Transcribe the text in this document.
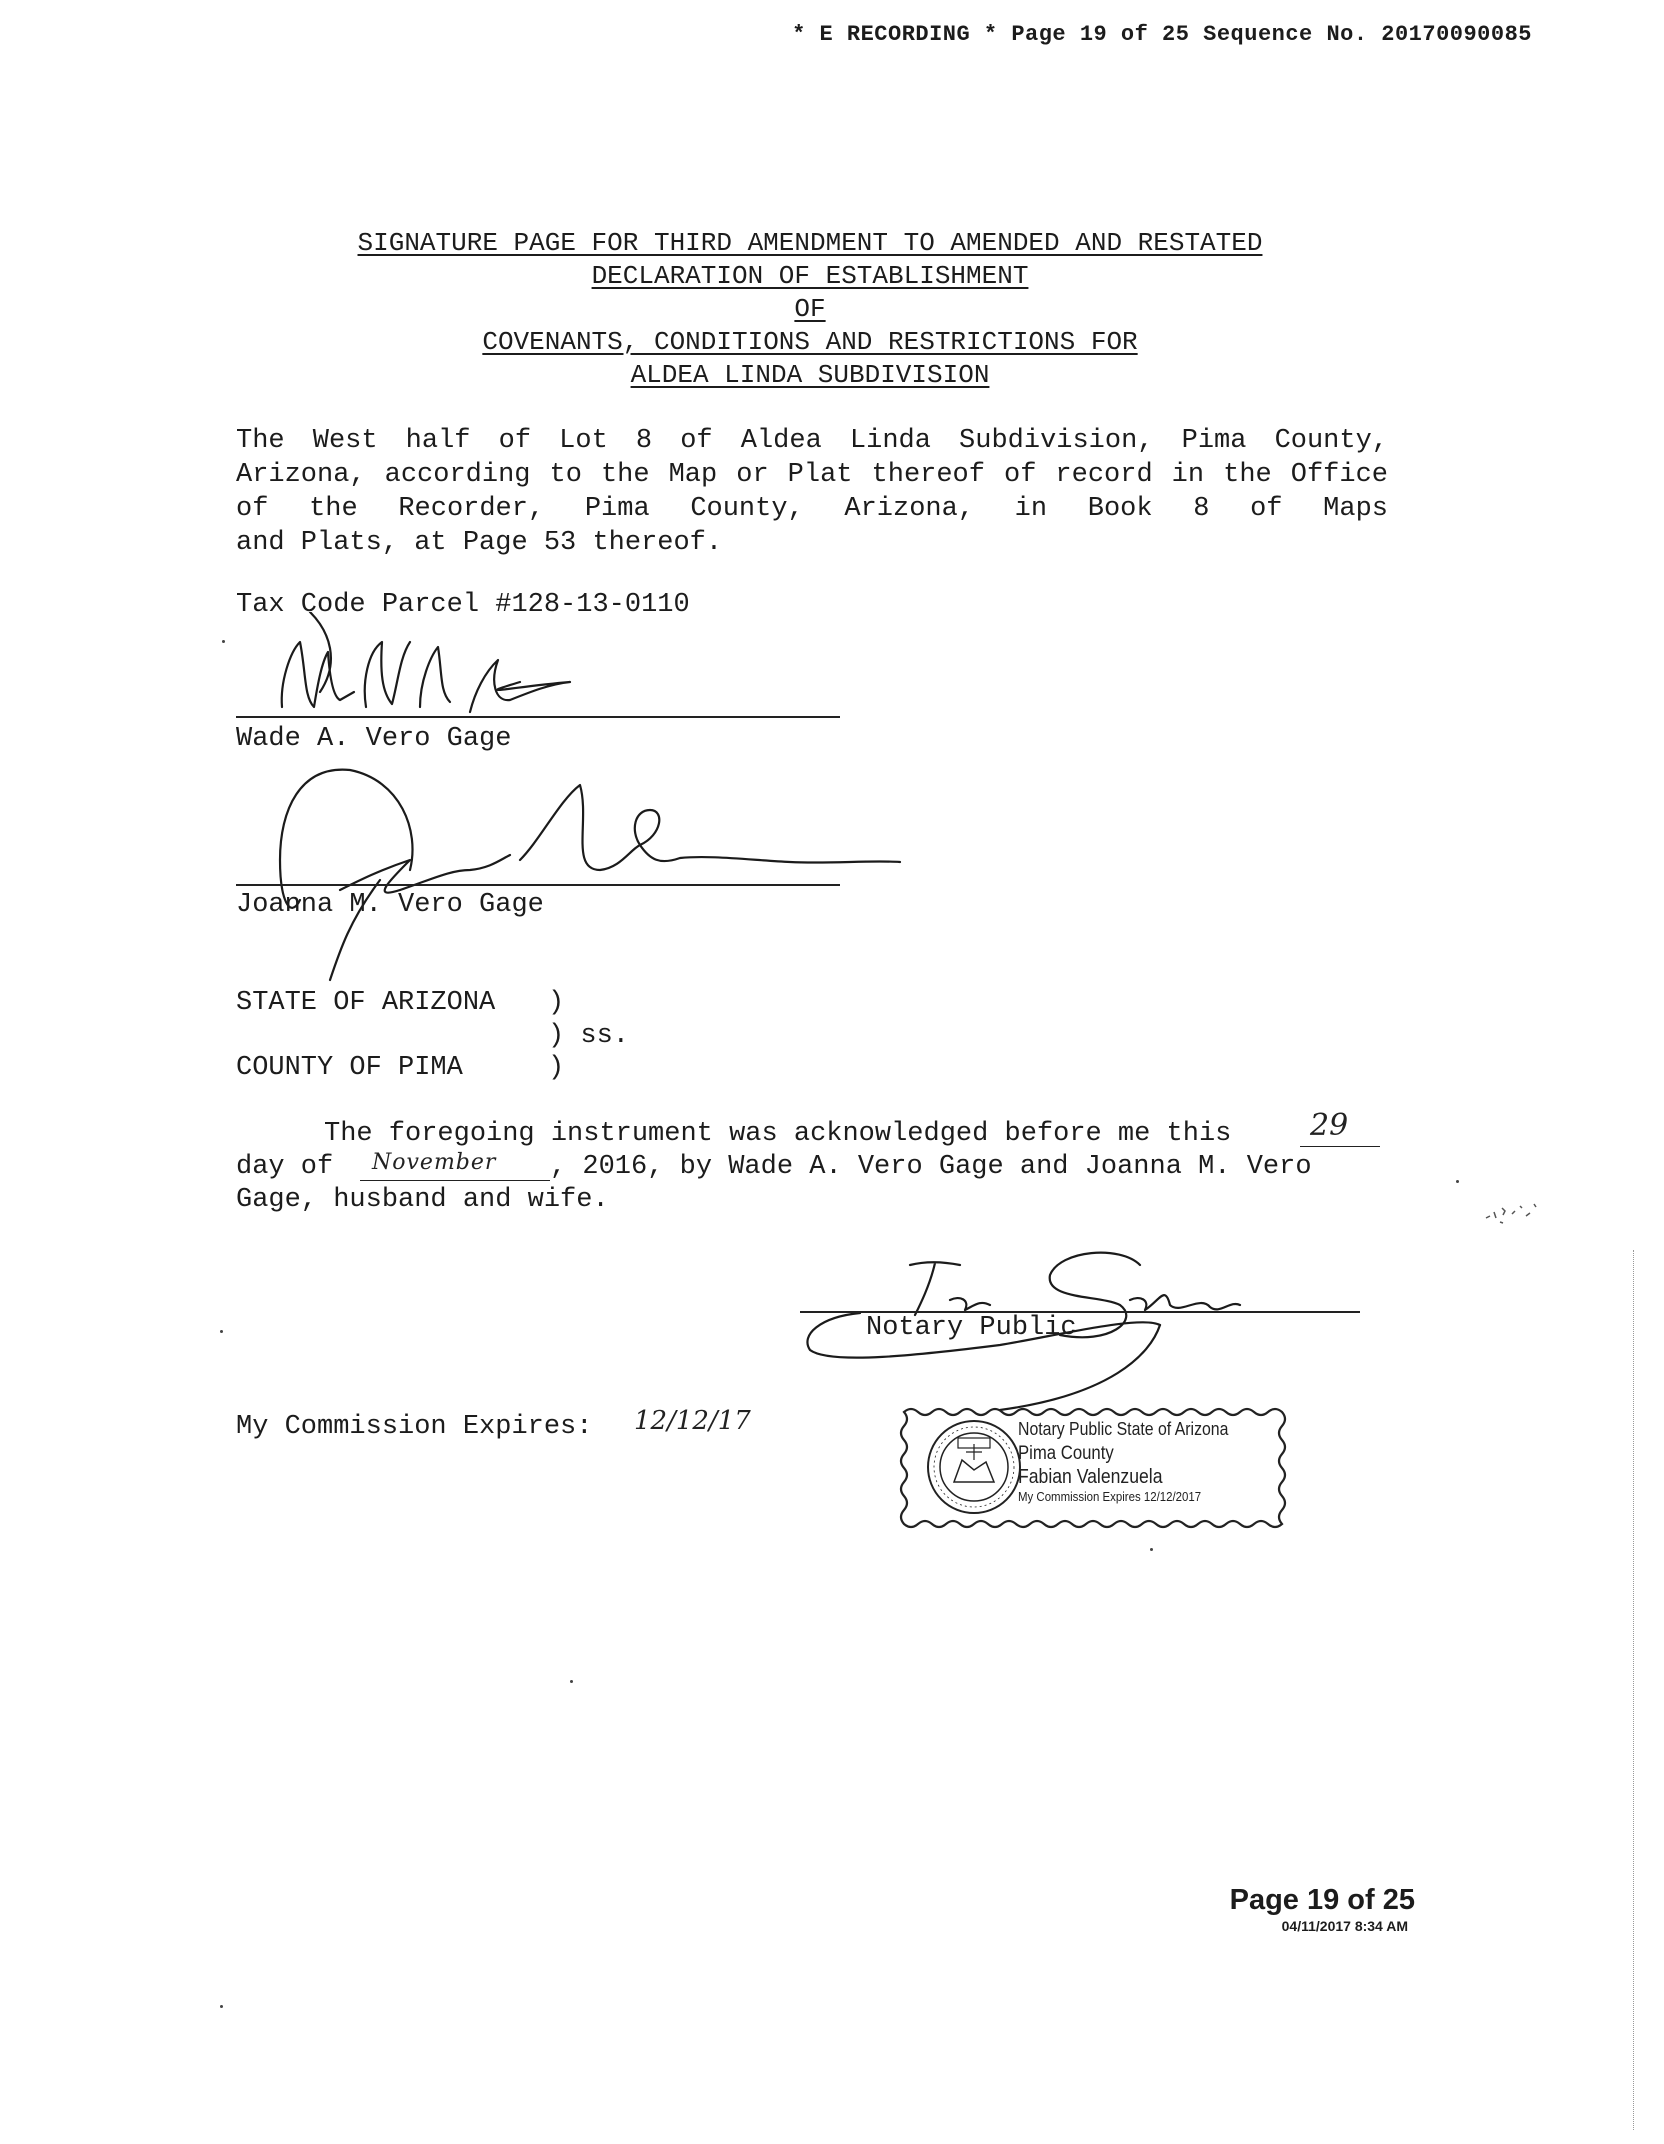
* E RECORDING * Page 19 of 25 Sequence No. 20170090085
SIGNATURE PAGE FOR THIRD AMENDMENT TO AMENDED AND RESTATED
DECLARATION OF ESTABLISHMENT
OF
COVENANTS, CONDITIONS AND RESTRICTIONS FOR
ALDEA LINDA SUBDIVISION
The West half of Lot 8 of Aldea Linda Subdivision, Pima County, Arizona, according to the Map or Plat thereof of record in the Office of the Recorder, Pima County, Arizona, in Book 8 of Maps
and Plats, at Page 53 thereof.
Tax Code Parcel #128-13-0110
Wade A. Vero Gage
Joanna M. Vero Gage
STATE OF ARIZONA )
) ss.
COUNTY OF PIMA	)
The foregoing instrument was acknowledged before me this	29
day of November , 2016, by Wade A. Vero Gage and Joanna M. Vero
Gage, husband and wife.
Notary Public
My Commission Expires: 12/12/17	Notary Public State of Arizona
Pima County
Fabian Valenzuela
My Commission Expires 12/12/2017
Page 19 of 25
04/11/2017 8:34 AM
